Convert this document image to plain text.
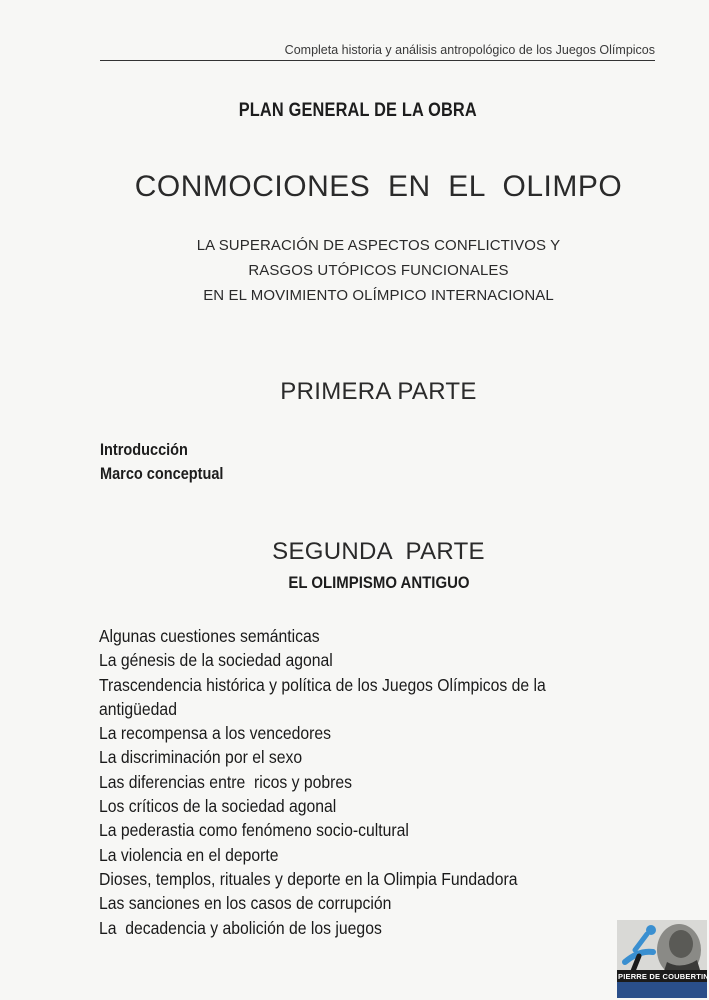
Completa historia y análisis antropológico de los Juegos Olímpicos
PLAN GENERAL DE LA OBRA
CONMOCIONES  EN  EL  OLIMPO
LA SUPERACIÓN DE ASPECTOS CONFLICTIVOS Y
RASGOS UTÓPICOS FUNCIONALES
EN EL MOVIMIENTO OLÍMPICO INTERNACIONAL
PRIMERA PARTE
Introducción
Marco conceptual
SEGUNDA  PARTE
EL OLIMPISMO ANTIGUO
Algunas cuestiones semánticas
La génesis de la sociedad agonal
Trascendencia histórica y política de los Juegos Olímpicos de la antigüedad
La recompensa a los vencedores
La discriminación por el sexo
Las diferencias entre  ricos y pobres
Los críticos de la sociedad agonal
La pederastia como fenómeno socio-cultural
La violencia en el deporte
Dioses, templos, rituales y deporte en la Olimpia Fundadora
Las sanciones en los casos de corrupción
La  decadencia y abolición de los juegos
PIERRE DE COUBERTIN
